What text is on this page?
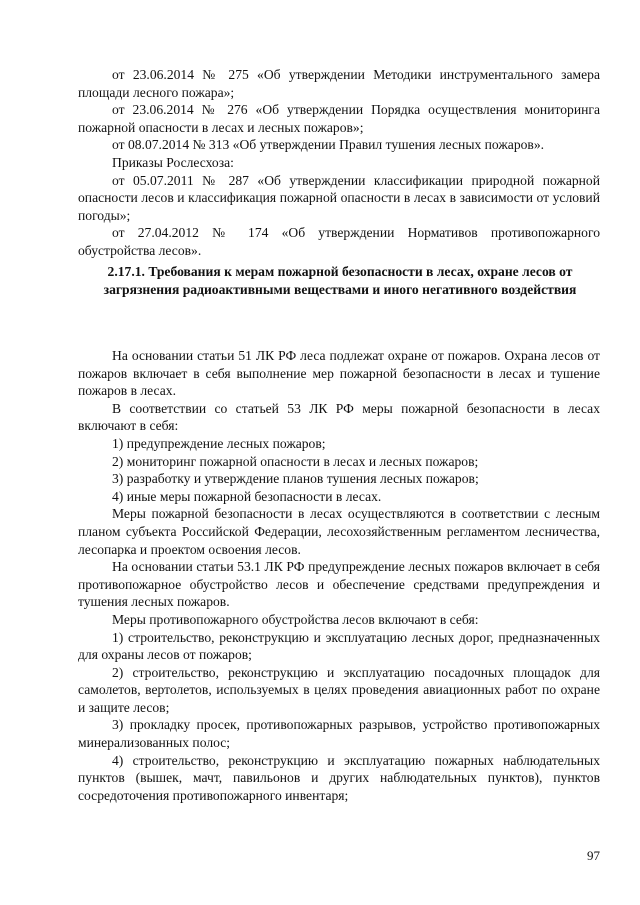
от 23.06.2014 № 275 «Об утверждении Методики инструментального замера площади лесного пожара»;

от 23.06.2014 № 276 «Об утверждении Порядка осуществления мониторинга пожарной опасности в лесах и лесных пожаров»;

от 08.07.2014 № 313 «Об утверждении Правил тушения лесных пожаров».

Приказы Рослесхоза:

от 05.07.2011 № 287 «Об утверждении классификации природной пожарной опасности лесов и классификация пожарной опасности в лесах в зависимости от условий погоды»;

от 27.04.2012 № 174 «Об утверждении Нормативов противопожарного обустройства лесов».

2.17.1. Требования к мерам пожарной безопасности в лесах, охране лесов от загрязнения радиоактивными веществами и иного негативного воздействия

На основании статьи 51 ЛК РФ леса подлежат охране от пожаров. Охрана лесов от пожаров включает в себя выполнение мер пожарной безопасности в лесах и тушение пожаров в лесах.

В соответствии со статьей 53 ЛК РФ меры пожарной безопасности в лесах включают в себя:

1) предупреждение лесных пожаров;

2) мониторинг пожарной опасности в лесах и лесных пожаров;

3) разработку и утверждение планов тушения лесных пожаров;

4) иные меры пожарной безопасности в лесах.

Меры пожарной безопасности в лесах осуществляются в соответствии с лесным планом субъекта Российской Федерации, лесохозяйственным регламентом лесничества, лесопарка и проектом освоения лесов.

На основании статьи 53.1 ЛК РФ предупреждение лесных пожаров включает в себя противопожарное обустройство лесов и обеспечение средствами предупреждения и тушения лесных пожаров.

Меры противопожарного обустройства лесов включают в себя:

1) строительство, реконструкцию и эксплуатацию лесных дорог, предназначенных для охраны лесов от пожаров;

2) строительство, реконструкцию и эксплуатацию посадочных площадок для самолетов, вертолетов, используемых в целях проведения авиационных работ по охране и защите лесов;

3) прокладку просек, противопожарных разрывов, устройство противопожарных минерализованных полос;

4) строительство, реконструкцию и эксплуатацию пожарных наблюдательных пунктов (вышек, мачт, павильонов и других наблюдательных пунктов), пунктов сосредоточения противопожарного инвентаря;

97
